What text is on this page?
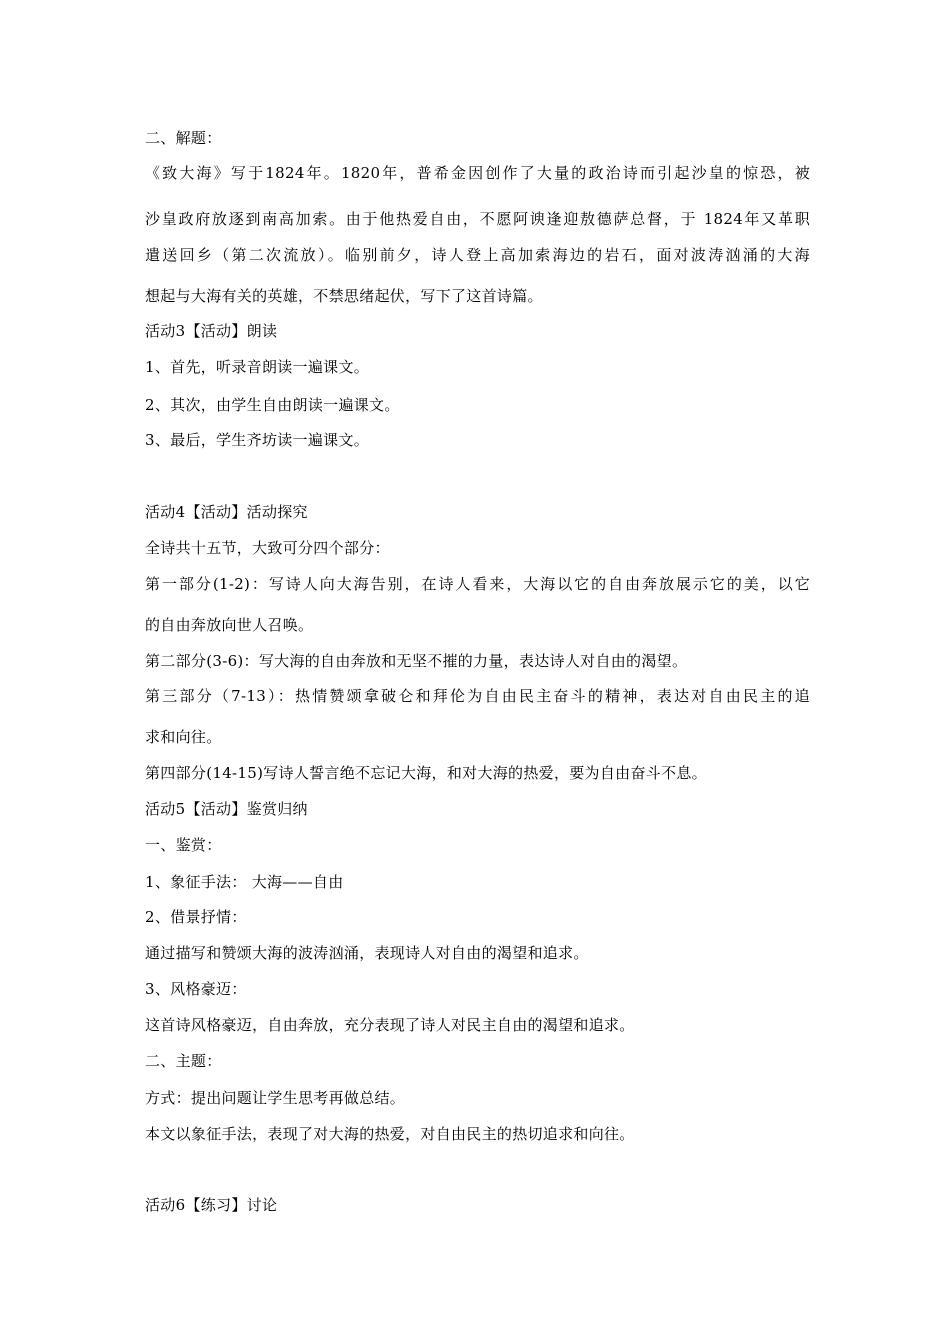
二、解题：
《致大海》写于1824年。1820年，普希金因创作了大量的政治诗而引起沙皇的惊恐，被
沙皇政府放逐到南高加索。由于他热爱自由，不愿阿谀逢迎敖德萨总督，于 1824年又革职
遣送回乡（第二次流放）。临别前夕，诗人登上高加索海边的岩石，面对波涛汹涌的大海
想起与大海有关的英雄，不禁思绪起伏，写下了这首诗篇。
活动3【活动】朗读
1、首先，听录音朗读一遍课文。
2、其次，由学生自由朗读一遍课文。
3、最后，学生齐坊读一遍课文。
活动4【活动】活动探究
全诗共十五节，大致可分四个部分：
第一部分(1-2)：写诗人向大海告别，在诗人看来，大海以它的自由奔放展示它的美，以它
的自由奔放向世人召唤。
第二部分(3-6)：写大海的自由奔放和无坚不摧的力量，表达诗人对自由的渴望。
第三部分（7-13）：热情赞颂拿破仑和拜伦为自由民主奋斗的精神，表达对自由民主的追
求和向往。
第四部分(14-15)写诗人誓言绝不忘记大海，和对大海的热爱，要为自由奋斗不息。
活动5【活动】鉴赏归纳
一、鉴赏：
1、象征手法： 大海——自由
2、借景抒情：
通过描写和赞颂大海的波涛汹涌，表现诗人对自由的渴望和追求。
3、风格豪迈：
这首诗风格豪迈，自由奔放，充分表现了诗人对民主自由的渴望和追求。
二、主题：
方式：提出问题让学生思考再做总结。
本文以象征手法，表现了对大海的热爱，对自由民主的热切追求和向往。
活动6【练习】讨论
